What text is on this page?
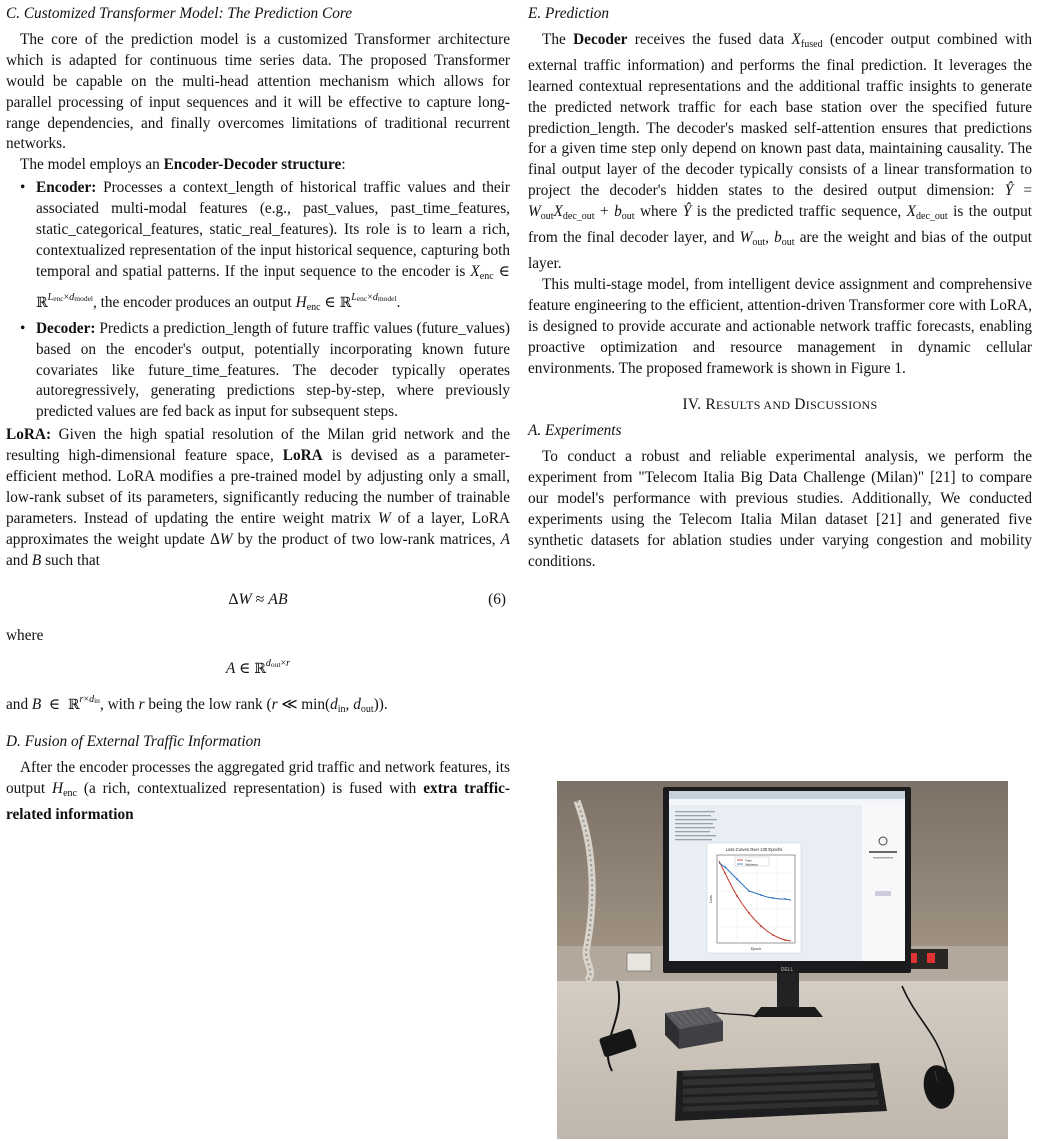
C. Customized Transformer Model: The Prediction Core

The core of the prediction model is a customized Transformer architecture which is adapted for continuous time series data. The proposed Transformer would be capable on the multi-head attention mechanism which allows for parallel processing of input sequences and it will be effective to capture long-range dependencies, and finally overcomes limitations of traditional recurrent networks.

The model employs an Encoder-Decoder structure:

• Encoder: Processes a context_length of historical traffic values and their associated multi-modal features (e.g., past_values, past_time_features, static_categorical_features, static_real_features). Its role is to learn a rich, contextualized representation of the input historical sequence, capturing both temporal and spatial patterns. If the input sequence to the encoder is $X_{enc}$ ∈ ℝ$^{Lenc\times dmodel}$, the encoder produces an output $H_{enc}$ ∈ ℝ$^{Lenc\times dmodel}$.
• Decoder: Predicts a prediction_length of future traffic values (future_values) based on the encoder's output, potentially incorporating known future covariates like future_time_features. The decoder typically operates autoregressively, generating predictions step-by-step, where previously predicted values are fed back as input for subsequent steps.

LoRA: Given the high spatial resolution of the Milan grid network and the resulting high-dimensional feature space, LoRA is devised as a parameter-efficient method. LoRA modifies a pre-trained model by adjusting only a small, low-rank subset of its parameters, significantly reducing the number of trainable parameters. Instead of updating the entire weight matrix W of a layer, LoRA approximates the weight update ΔW by the product of two low-rank matrices, A and B such that

ΔW ≈ AB	(6)

where

A ∈ ℝ$^{dout\times r}$

and B  ∈  ℝ$^{r\times din}$, with r being the low rank (r ≪ $\min(d_{in}$, $d_{out}$)).

D. Fusion of External Traffic Information

After the encoder processes the aggregated grid traffic and network features, its output $H_{enc}$ (a rich, contextualized representation) is fused with extra traffic-related information

E. Prediction

The Decoder receives the fused data $X_{fused}$ (encoder output combined with external traffic information) and performs the final prediction. It leverages the learned contextual representations and the additional traffic insights to generate the predicted network traffic for each base station over the specified future prediction_length. The decoder's masked self-attention ensures that predictions for a given time step only depend on known past data, maintaining causality. The final output layer of the decoder typically consists of a linear transformation to project the decoder's hidden states to the desired output dimension: Ŷ = $W_{out}X_{dec\_out} + b_{out}$ where Ŷ is the predicted traffic sequence, $X_{dec\_out}$ is the output from the final decoder layer, and $W_{out}$, $b_{out}$ are the weight and bias of the output layer.

This multi-stage model, from intelligent device assignment and comprehensive feature engineering to the efficient, attention-driven Transformer core with LoRA, is designed to provide accurate and actionable network traffic forecasts, enabling proactive optimization and resource management in dynamic cellular environments. The proposed framework is shown in Figure 1.

IV. RESULTS AND DISCUSSIONS

A. Experiments

To conduct a robust and reliable experimental analysis, we perform the experiment from "Telecom Italia Big Data Challenge (Milan)" [21] to compare our model's performance with previous studies. Additionally, We conducted experiments using the Telecom Italia Milan dataset [21] and generated five synthetic datasets for ablation studies under varying congestion and mobility conditions.

Loss Curves Over 130 Epochs
Train
Validation
Epoch
Loss
DELL
